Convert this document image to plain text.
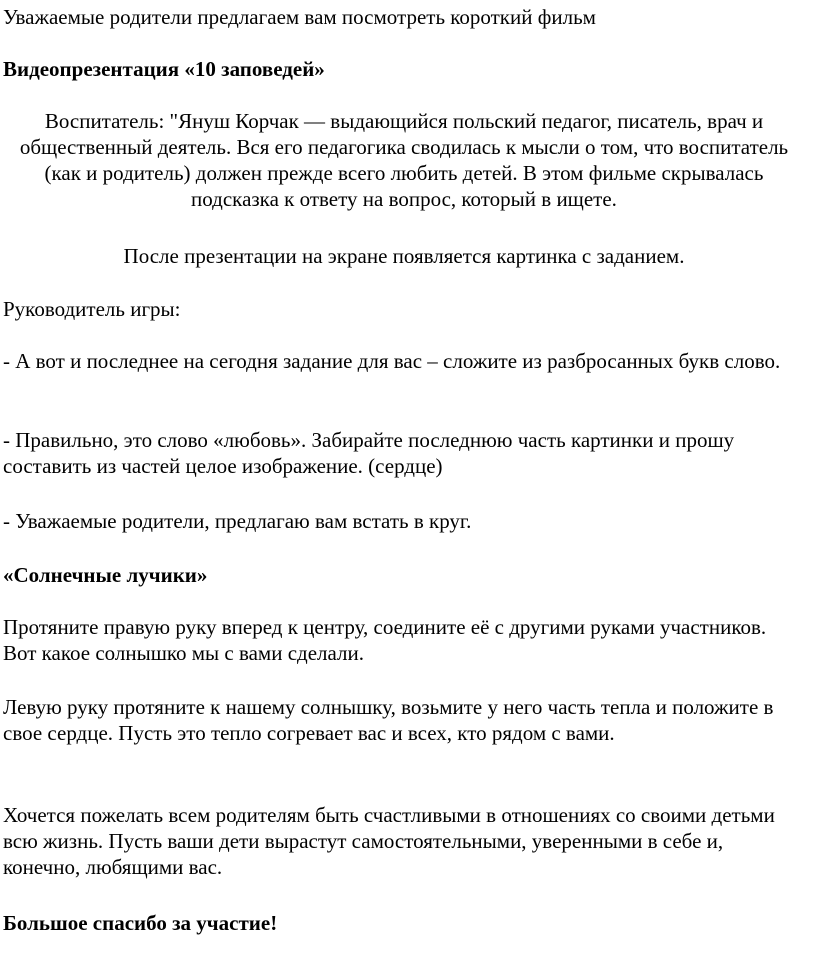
Уважаемые родители предлагаем вам посмотреть короткий фильм

Видеопрезентация «10 заповедей»

Воспитатель: "Януш Корчак — выдающийся польский педагог, писатель, врач и общественный деятель. Вся его педагогика сводилась к мысли о том, что воспитатель (как и родитель) должен прежде всего любить детей. В этом фильме скрывалась подсказка к ответу на вопрос, который в ищете.

После презентации на экране появляется картинка с заданием.

Руководитель игры:

- А вот и последнее на сегодня задание для вас – сложите из разбросанных букв слово.

- Правильно, это слово «любовь». Забирайте последнюю часть картинки и прошу составить из частей целое изображение. (сердце)

- Уважаемые родители, предлагаю вам встать в круг.

«Солнечные лучики»

Протяните правую руку вперед к центру, соедините её с другими руками участников. Вот какое солнышко мы с вами сделали.

Левую руку протяните к нашему солнышку, возьмите у него часть тепла и положите в свое сердце. Пусть это тепло согревает вас и всех, кто рядом с вами.

Хочется пожелать всем родителям быть счастливыми в отношениях со своими детьми всю жизнь. Пусть ваши дети вырастут самостоятельными, уверенными в себе и, конечно, любящими вас.

Большое спасибо за участие!
